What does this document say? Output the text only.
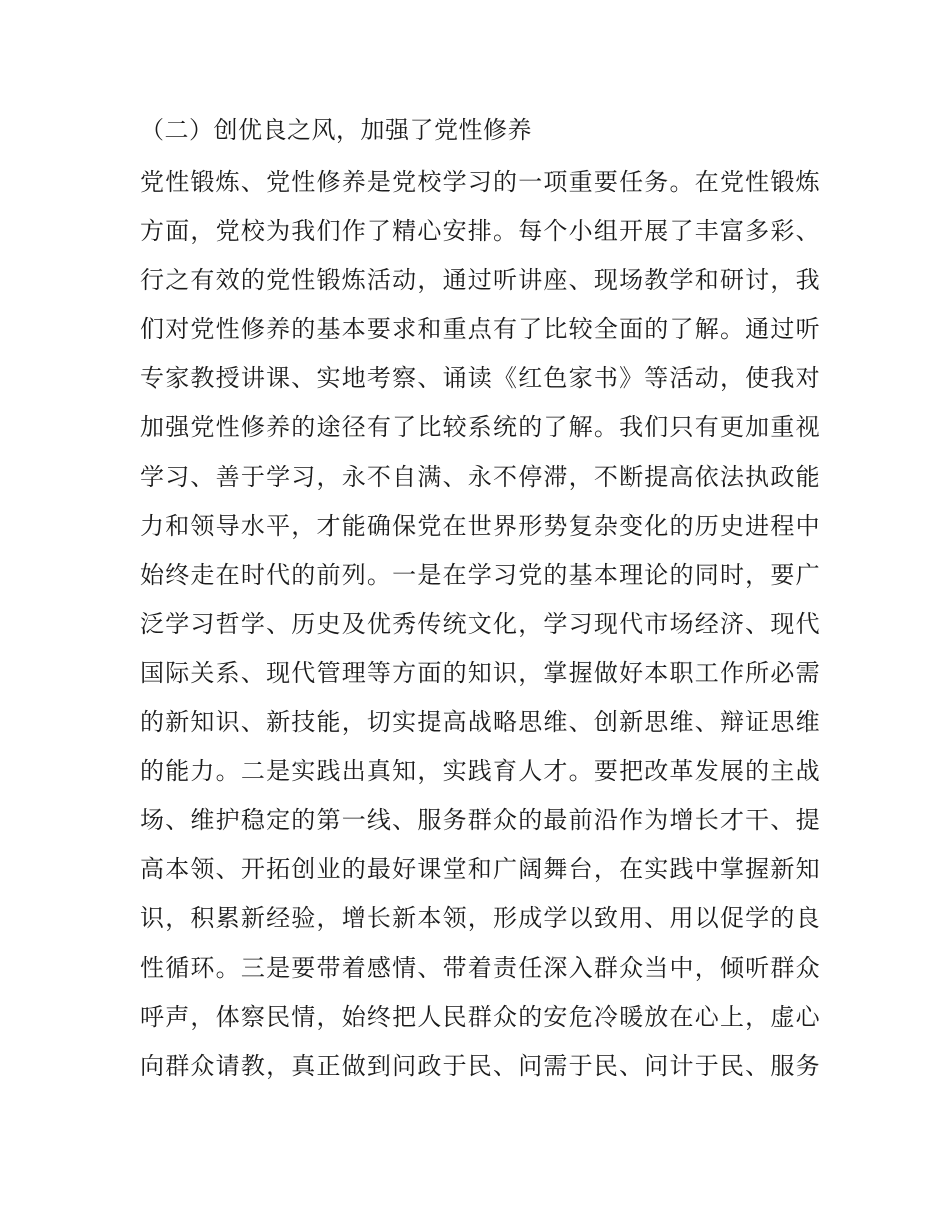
（二）创优良之风，加强了党性修养
党性锻炼、党性修养是党校学习的一项重要任务。在党性锻炼
方面，党校为我们作了精心安排。每个小组开展了丰富多彩、
行之有效的党性锻炼活动，通过听讲座、现场教学和研讨，我
们对党性修养的基本要求和重点有了比较全面的了解。通过听
专家教授讲课、实地考察、诵读《红色家书》等活动，使我对
加强党性修养的途径有了比较系统的了解。我们只有更加重视
学习、善于学习，永不自满、永不停滞，不断提高依法执政能
力和领导水平，才能确保党在世界形势复杂变化的历史进程中
始终走在时代的前列。一是在学习党的基本理论的同时，要广
泛学习哲学、历史及优秀传统文化，学习现代市场经济、现代
国际关系、现代管理等方面的知识，掌握做好本职工作所必需
的新知识、新技能，切实提高战略思维、创新思维、辩证思维
的能力。二是实践出真知，实践育人才。要把改革发展的主战
场、维护稳定的第一线、服务群众的最前沿作为增长才干、提
高本领、开拓创业的最好课堂和广阔舞台，在实践中掌握新知
识，积累新经验，增长新本领，形成学以致用、用以促学的良
性循环。三是要带着感情、带着责任深入群众当中，倾听群众
呼声，体察民情，始终把人民群众的安危冷暖放在心上，虚心
向群众请教，真正做到问政于民、问需于民、问计于民、服务
